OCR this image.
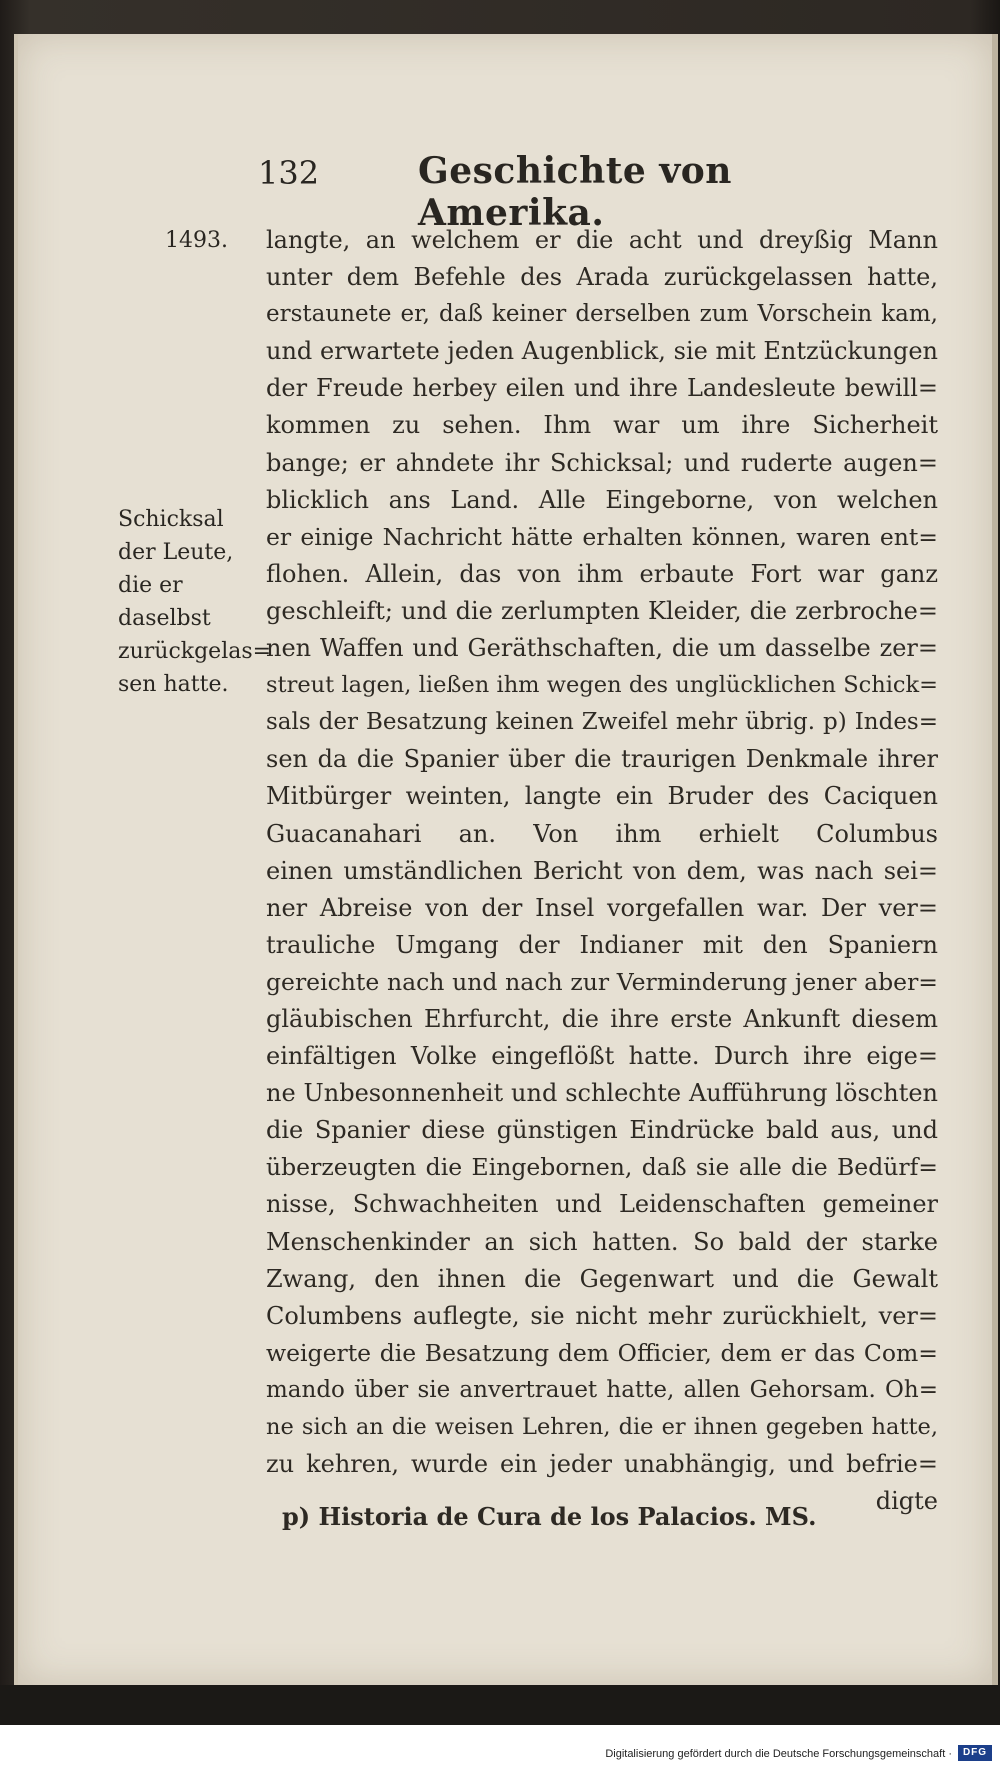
132	Geschichte von Amerika.
1493.
Schicksal
der Leute,
die er daselbst
zurückgelas=
sen hatte.
langte, an welchem er die acht und dreyßig Mann
unter dem Befehle des Arada zurückgelassen hatte,
erstaunete er, daß keiner derselben zum Vorschein kam,
und erwartete jeden Augenblick, sie mit Entzückungen
der Freude herbey eilen und ihre Landesleute bewill=
kommen zu sehen. Ihm war um ihre Sicherheit
bange; er ahndete ihr Schicksal; und ruderte augen=
blicklich ans Land. Alle Eingeborne, von welchen
er einige Nachricht hätte erhalten können, waren ent=
flohen. Allein, das von ihm erbaute Fort war ganz
geschleift; und die zerlumpten Kleider, die zerbroche=
nen Waffen und Geräthschaften, die um dasselbe zer=
streut lagen, ließen ihm wegen des unglücklichen Schick=
sals der Besatzung keinen Zweifel mehr übrig. p) Indes=
sen da die Spanier über die traurigen Denkmale ihrer
Mitbürger weinten, langte ein Bruder des Caciquen
Guacanahari an. Von ihm erhielt Columbus
einen umständlichen Bericht von dem, was nach sei=
ner Abreise von der Insel vorgefallen war. Der ver=
trauliche Umgang der Indianer mit den Spaniern
gereichte nach und nach zur Verminderung jener aber=
gläubischen Ehrfurcht, die ihre erste Ankunft diesem
einfältigen Volke eingeflößt hatte. Durch ihre eige=
ne Unbesonnenheit und schlechte Aufführung löschten
die Spanier diese günstigen Eindrücke bald aus, und
überzeugten die Eingebornen, daß sie alle die Bedürf=
nisse, Schwachheiten und Leidenschaften gemeiner
Menschenkinder an sich hatten. So bald der starke
Zwang, den ihnen die Gegenwart und die Gewalt
Columbens auflegte, sie nicht mehr zurückhielt, ver=
weigerte die Besatzung dem Officier, dem er das Com=
mando über sie anvertrauet hatte, allen Gehorsam. Oh=
ne sich an die weisen Lehren, die er ihnen gegeben hatte,
zu kehren, wurde ein jeder unabhängig, und befrie=
digte
p) Historia de Cura de los Palacios. MS.
Digitalisierung gefördert durch die Deutsche Forschungsgemeinschaft ·	DFG
